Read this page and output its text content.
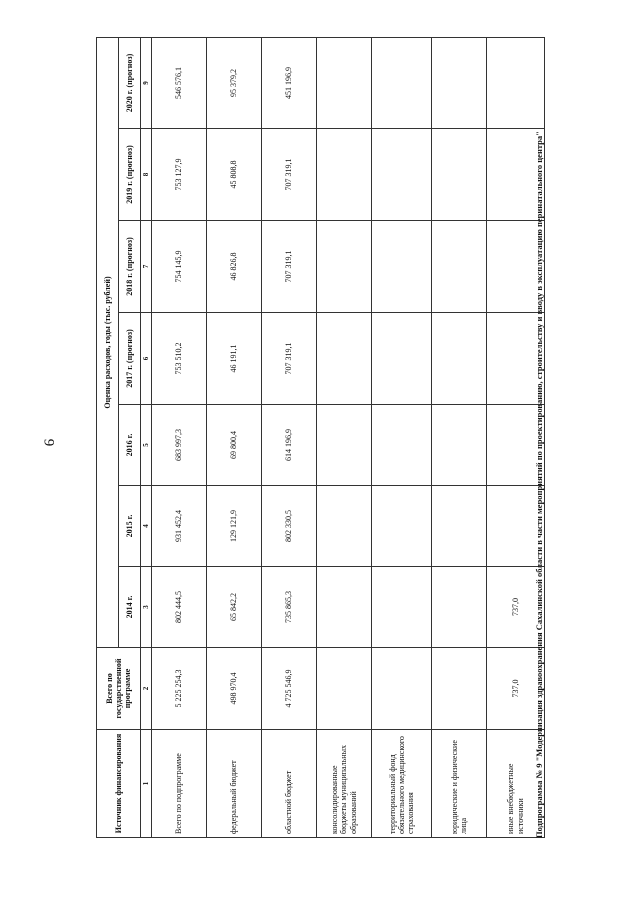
9
Источник финансирования	Всего по государственной программе	Оценка расходов, годы (тыс. рублей)						
		2014 г.	2015 г.	2016 г.	2017 г. (прогноз)	2018 г. (прогноз)	2019 г. (прогноз)	2020 г. (прогноз)
1	2	3	4	5	6	7	8	9
Всего по подпрограмме	5 225 254,3	802 444,5	931 452,4	683 997,3	753 510,2	754 145,9	753 127,9	546 576,1
федеральный бюджет	498 970,4	65 842,2	129 121,9	69 800,4	46 191,1	46 826,8	45 808,8	95 379,2
областной бюджет	4 725 546,9	735 865,3	802 330,5	614 196,9	707 319,1	707 319,1	707 319,1	451 196,9
консолидированные бюджеты муниципальных образований								
территориальный фонд обязательного медицинского страхования								
юридические и физические лица								
иные внебюджетные источники	737,0	737,0						Подпрограмма № 9 "Модернизация здравоохранения Сахалинской области в части мероприятий по проектированию, строительству и вводу в эксплуатацию перинатального центра"
